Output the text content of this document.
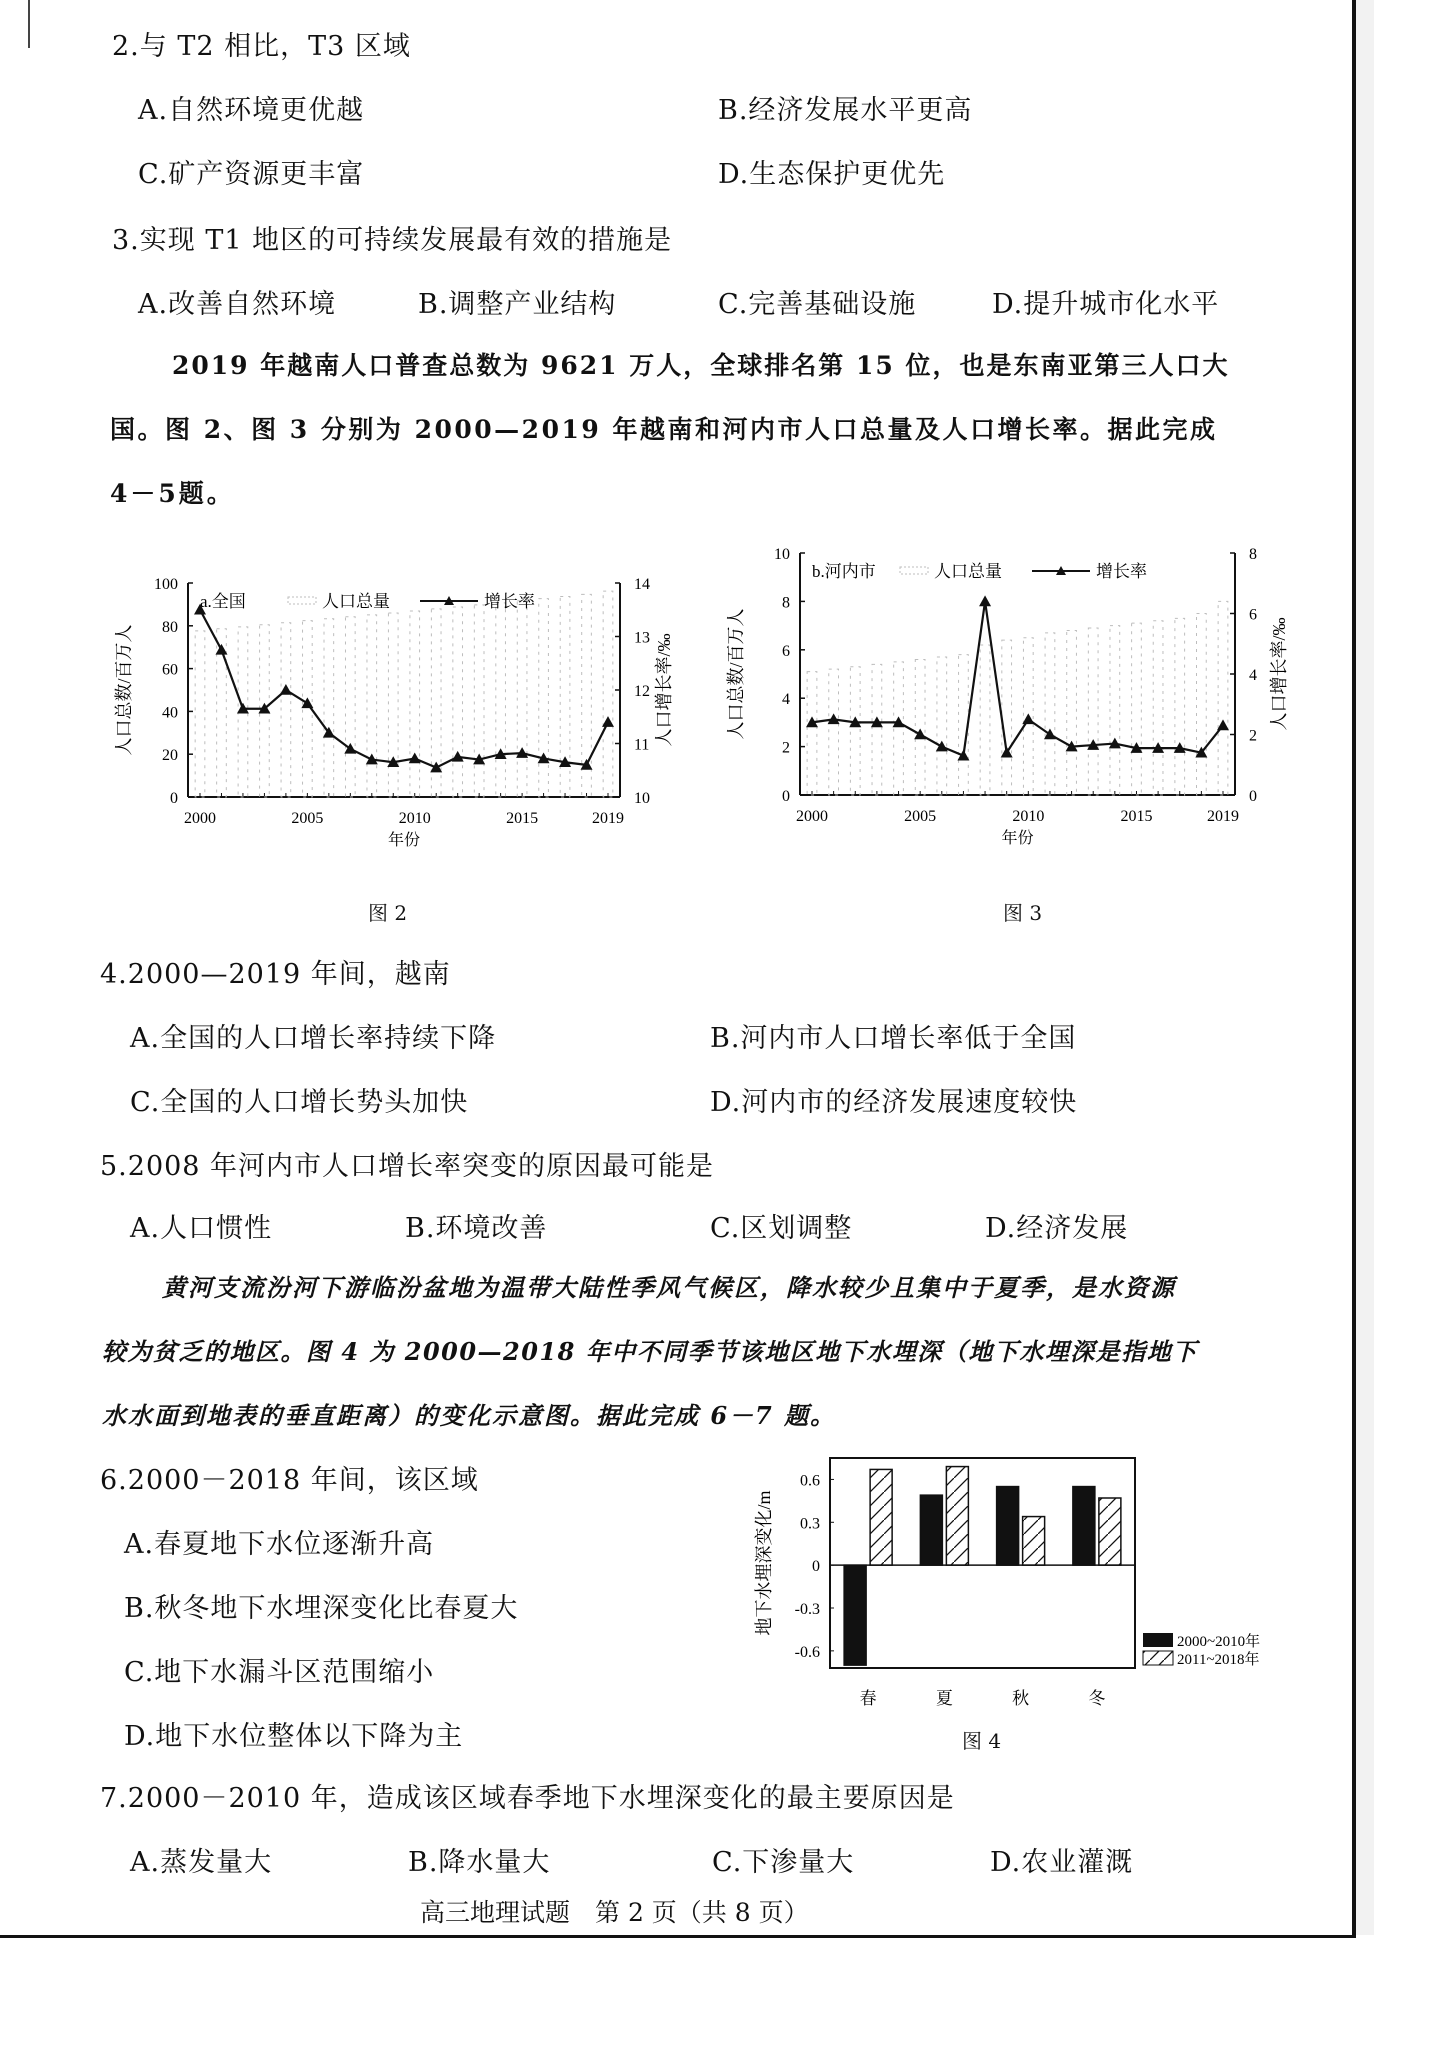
2.与 T2 相比，T3 区域
A.自然环境更优越	B.经济发展水平更高
C.矿产资源更丰富	D.生态保护更优先
3.实现 T1 地区的可持续发展最有效的措施是
A.改善自然环境	B.调整产业结构	C.完善基础设施	D.提升城市化水平
2019 年越南人口普查总数为 9621 万人，全球排名第 15 位，也是东南亚第三人口大
国。图 2、图 3 分别为 2000—2019 年越南和河内市人口总量及人口增长率。据此完成
4－5题。
0
20
40
60
80
100
10
11
12
13
14
2000	2005	2010	2015	2019
年份
人口总数/百万人	人口增长率/‰
a.全国	人口总量	增长率
图 2
0
2
4
6
8
10
0
2
4
6
8
2000	2005	2010	2015	2019
年份
人口总数/百万人	人口增长率/‰
b.河内市	人口总量	增长率
图 3
4.2000—2019 年间，越南
A.全国的人口增长率持续下降	B.河内市人口增长率低于全国
C.全国的人口增长势头加快	D.河内市的经济发展速度较快
5.2008 年河内市人口增长率突变的原因最可能是
A.人口惯性	B.环境改善	C.区划调整	D.经济发展
黄河支流汾河下游临汾盆地为温带大陆性季风气候区，降水较少且集中于夏季，是水资源
较为贫乏的地区。图 4 为 2000—2018 年中不同季节该地区地下水埋深（地下水埋深是指地下
水水面到地表的垂直距离）的变化示意图。据此完成 6－7 题。
6.2000－2018 年间，该区域
A.春夏地下水位逐渐升高
B.秋冬地下水埋深变化比春夏大
C.地下水漏斗区范围缩小
D.地下水位整体以下降为主
0.6
0.3
0
-0.3
-0.6
地下水埋深变化/m
春	夏	秋	冬
2000~2010年
2011~2018年
图 4
7.2000－2010 年，造成该区域春季地下水埋深变化的最主要原因是
A.蒸发量大	B.降水量大	C.下渗量大	D.农业灌溉
高三地理试题　第 2 页（共 8 页）
